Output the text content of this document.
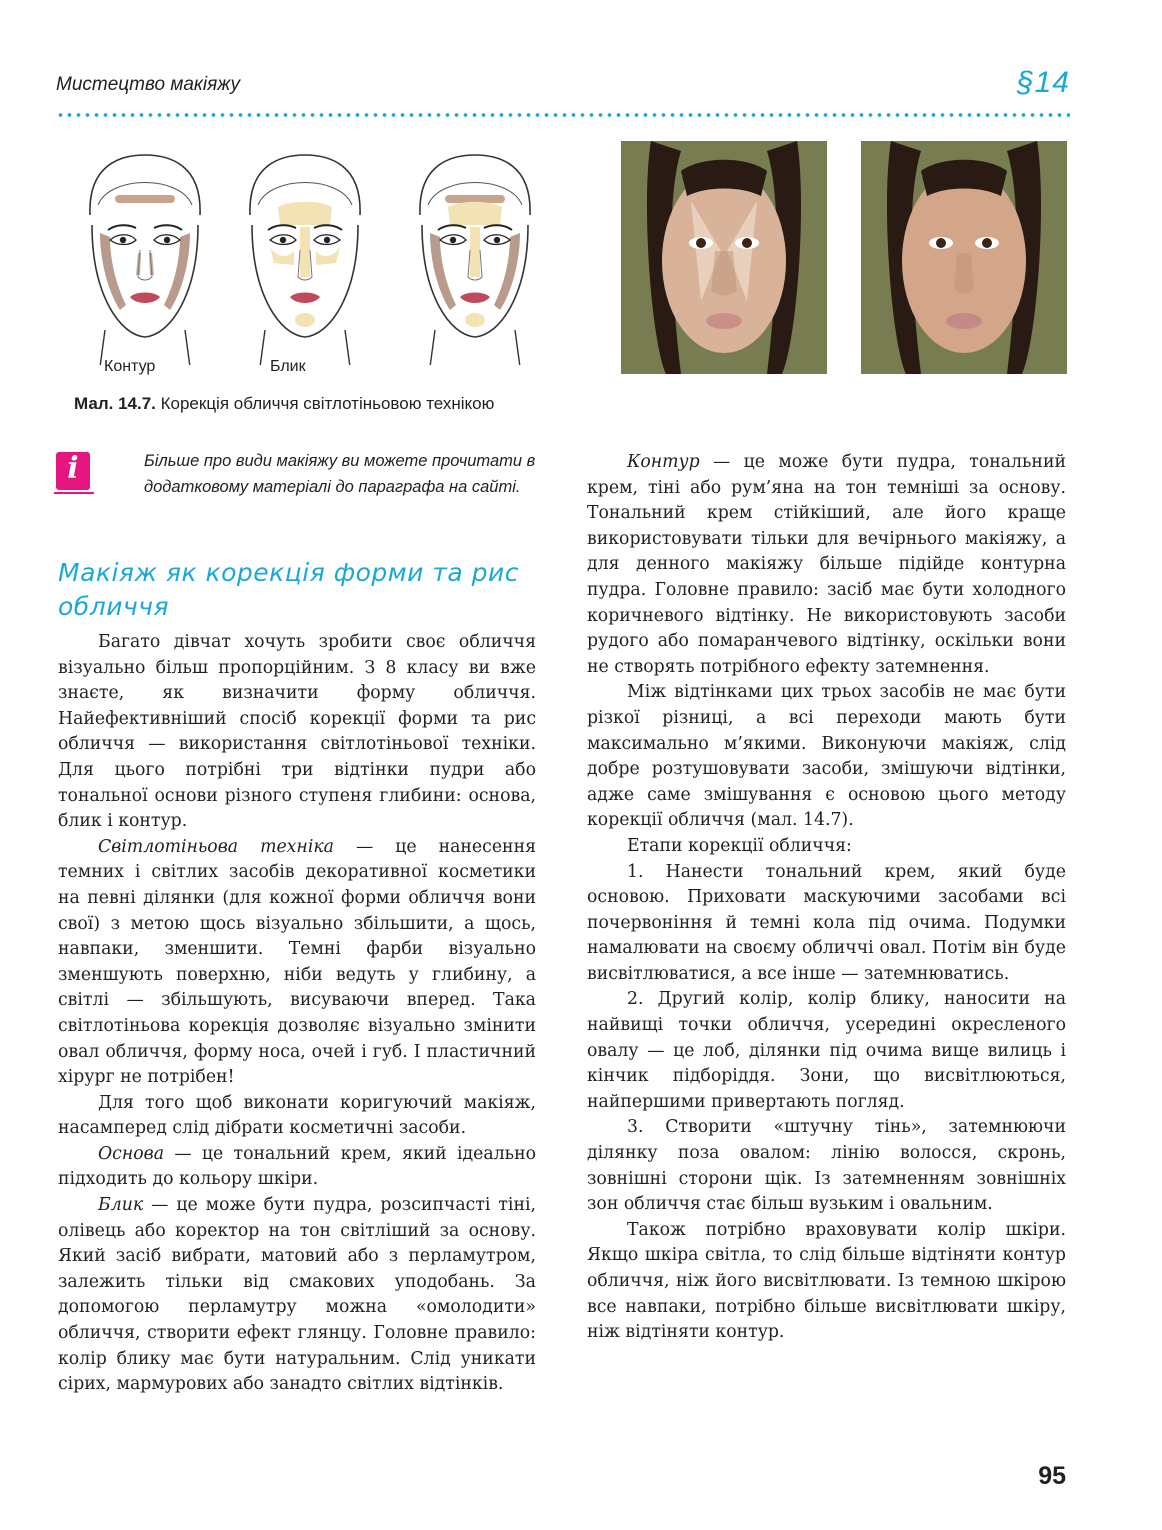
Мистецтво макіяжу	§14
Контур	Блик
Мал. 14.7. Корекція обличчя світлотіньовою технікою
i	Більше про види макіяжу ви можете прочитати в додатковому матеріалі до параграфа на сайті.
Макіяж як корекція форми та рис обличчя

Багато дівчат хочуть зробити своє обличчя візуально більш пропорційним. З 8 класу ви вже знаєте, як визначити форму обличчя. Найефективніший спосіб корекції форми та рис обличчя — використання світлотіньової техніки. Для цього потрібні три відтінки пудри або тональної основи різного ступеня глибини: основа, блик і контур.

Світлотіньова техніка — це нанесення темних і світлих засобів декоративної косметики на певні ділянки (для кожної форми обличчя вони свої) з метою щось візуально збільшити, а щось, навпаки, зменшити. Темні фарби візуально зменшують поверхню, ніби ведуть у глибину, а світлі — збільшують, висуваючи вперед. Така світлотіньова корекція дозволяє візуально змінити овал обличчя, форму носа, очей і губ. І пластичний хірург не потрібен!

Для того щоб виконати коригуючий макіяж, насамперед слід дібрати косметичні засоби.

Основа — це тональний крем, який ідеально підходить до кольору шкіри.

Блик — це може бути пудра, розсипчасті тіні, олівець або коректор на тон світліший за основу. Який засіб вибрати, матовий або з перламутром, залежить тільки від смакових уподобань. За допомогою перламутру можна «омолодити» обличчя, створити ефект глянцу. Головне правило: колір блику має бути натуральним. Слід уникати сірих, мармурових або занадто світлих відтінків.

Контур — це може бути пудра, тональний крем, тіні або рум’яна на тон темніші за основу. Тональний крем стійкіший, але його краще використовувати тільки для вечірнього макіяжу, а для денного макіяжу більше підійде контурна пудра. Головне правило: засіб має бути холодного коричневого відтінку. Не використовують засоби рудого або помаранчевого відтінку, оскільки вони не створять потрібного ефекту затемнення.

Між відтінками цих трьох засобів не має бути різкої різниці, а всі переходи мають бути максимально м’якими. Виконуючи макіяж, слід добре розтушовувати засоби, змішуючи відтінки, адже саме змішування є основою цього методу корекції обличчя (мал. 14.7).

Етапи корекції обличчя:

1. Нанести тональний крем, який буде основою. Приховати маскуючими засобами всі почервоніння й темні кола під очима. Подумки намалювати на своєму обличчі овал. Потім він буде висвітлюватися, а все інше — затемнюватись.

2. Другий колір, колір блику, наносити на найвищі точки обличчя, усередині окресленого овалу — це лоб, ділянки під очима вище вилиць і кінчик підборіддя. Зони, що висвітлюються, найпершими привертають погляд.

3. Створити «штучну тінь», затемнюючи ділянку поза овалом: лінію волосся, скронь, зовнішні сторони щік. Із затемненням зовнішніх зон обличчя стає більш вузьким і овальним.

Також потрібно враховувати колір шкіри. Якщо шкіра світла, то слід більше відтіняти контур обличчя, ніж його висвітлювати. Із темною шкірою все навпаки, потрібно більше висвітлювати шкіру, ніж відтіняти контур.

95
